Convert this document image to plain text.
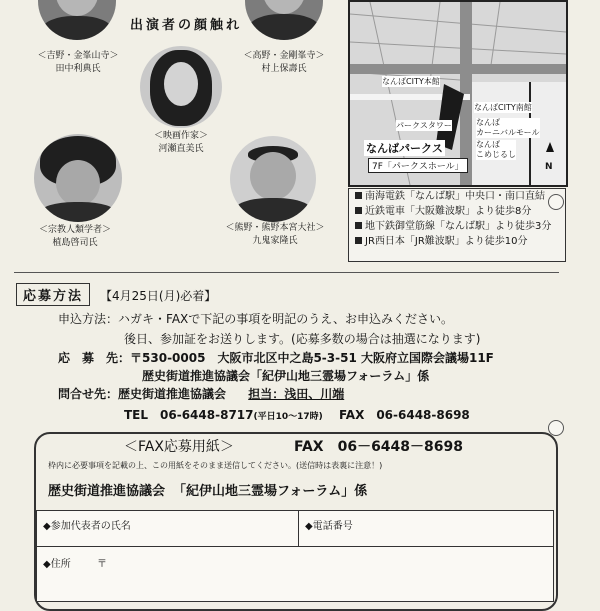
＜吉野・金峯山寺＞
田中利典氏
出演者の顔触れ
＜高野・金剛峯寺＞
村上保壽氏
＜映画作家＞
河瀬直美氏
＜宗教人類学者＞
植島啓司氏
＜熊野・熊野本宮大社＞
九鬼家隆氏
なんばCITY本館
なんばCITY南館
パークスタワー	なんば
カーニバルモール
なんば
こめじるし
なんばパークス
7F「パークスホール」	N
南海電鉄「なんば駅」中央口・南口直結
近鉄電車「大阪難波駅」より徒歩8分
地下鉄御堂筋線「なんば駅」より徒歩3分
JR西日本「JR難波駅」より徒歩10分
応募方法	【4月25日(月)必着】
申込方法：ハガキ・FAXで下記の事項を明記のうえ、お申込みください。
後日、参加証をお送りします。(応募多数の場合は抽選になります)
応　募　先：〒530-0005　大阪市北区中之島5-3-51 大阪府立国際会議場11F
歴史街道推進協議会「紀伊山地三霊場フォーラム」係
問合せ先：歴史街道推進協議会 担当：浅田、川端
TEL　06-6448-8717(平日10～17時) FAX　06-6448-8698
＜FAX応募用紙＞	FAX　06－6448－8698
枠内に必要事項を記載の上、この用紙をそのまま送信してください。(送信時は表裏に注意！)
歴史街道推進協議会 「紀伊山地三霊場フォーラム」係
◆参加代表者の氏名	◆電話番号
◆住所	〒
